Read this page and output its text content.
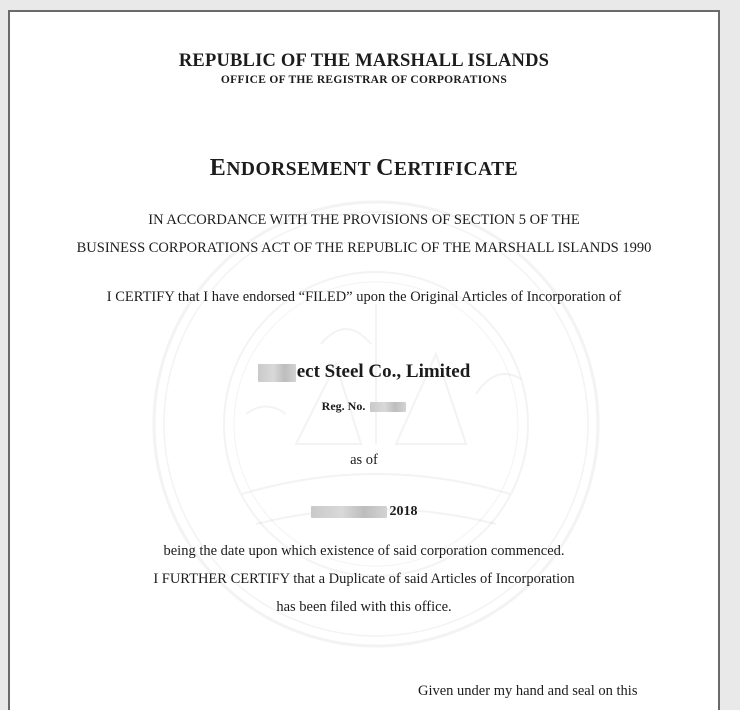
REPUBLIC OF THE MARSHALL ISLANDS
OFFICE OF THE REGISTRAR OF CORPORATIONS
ENDORSEMENT CERTIFICATE
IN ACCORDANCE WITH THE PROVISIONS OF SECTION 5 OF THE
BUSINESS CORPORATIONS ACT OF THE REPUBLIC OF THE MARSHALL ISLANDS 1990
I CERTIFY that I have endorsed “FILED” upon the Original Articles of Incorporation of
ect Steel Co., Limited
Reg. No.
as of
2018
being the date upon which existence of said corporation commenced.
I FURTHER CERTIFY that a Duplicate of said Articles of Incorporation
has been filed with this office.
Given under my hand and seal on this
